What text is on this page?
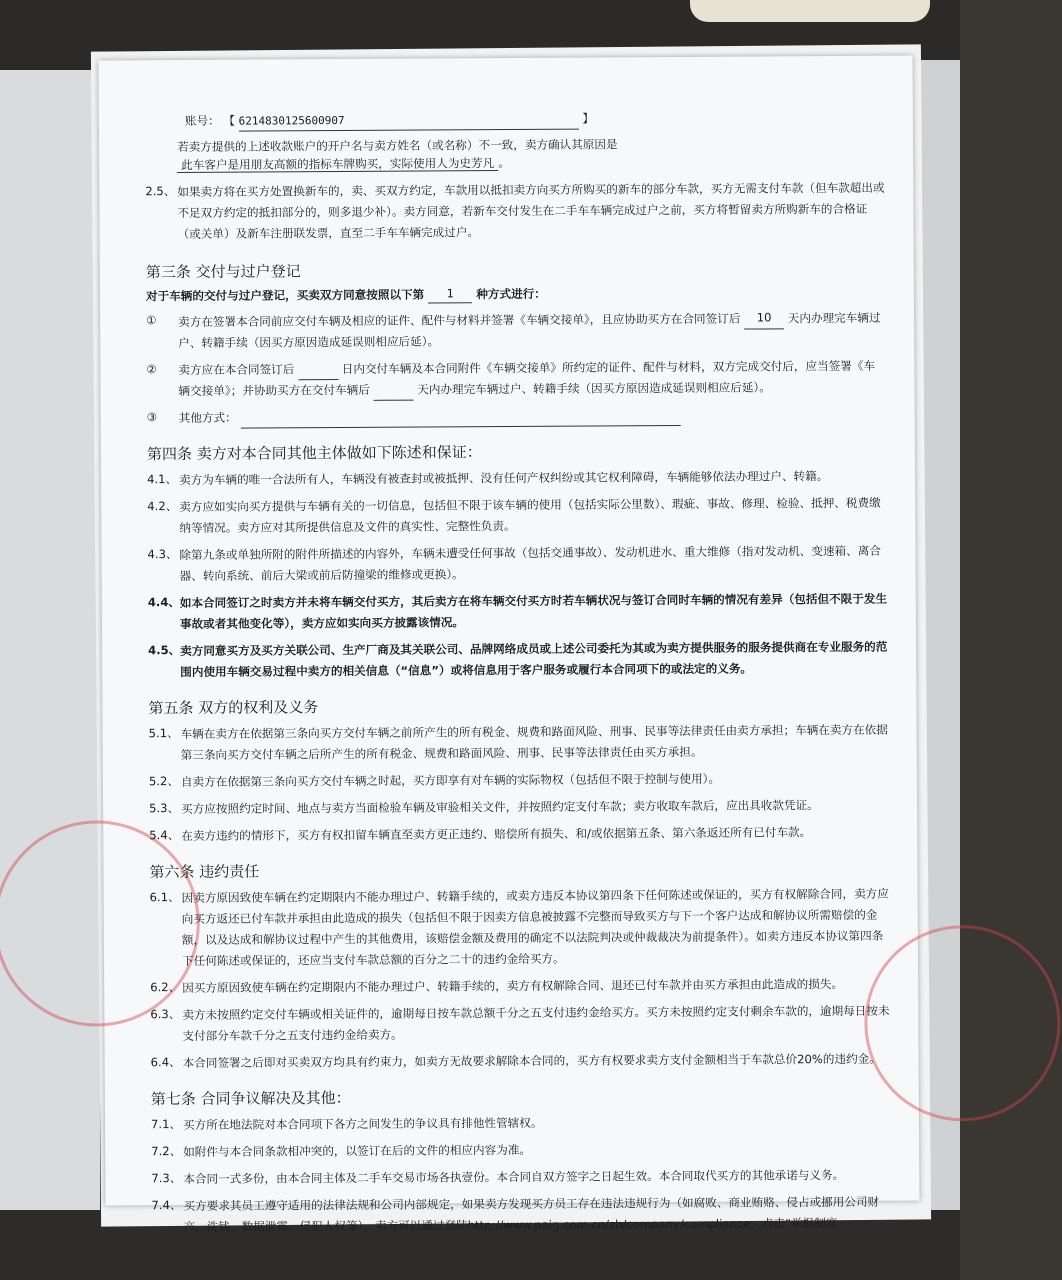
账号： 【 6214830125600907	】
若卖方提供的上述收款账户的开户名与卖方姓名（或名称）不一致，卖方确认其原因是
此车客户是用朋友高额的指标车牌购买，实际使用人为史芳凡 。
2.5、 如果卖方将在买方处置换新车的，卖、买双方约定，车款用以抵扣卖方向买方所购买的新车的部分车款，买方无需支付车款（但车款超出或不足双方约定的抵扣部分的，则多退少补）。卖方同意，若新车交付发生在二手车车辆完成过户之前，买方将暂留卖方所购新车的合格证（或关单）及新车注册联发票，直至二手车车辆完成过户。
第三条 交付与过户登记
对于车辆的交付与过户登记，买卖双方同意按照以下第 1 种方式进行：
①	卖方在签署本合同前应交付车辆及相应的证件、配件与材料并签署《车辆交接单》，且应协助买方在合同签订后 10 天内办理完车辆过户、转籍手续（因买方原因造成延误则相应后延）。
②	卖方应在本合同签订后	日内交付车辆及本合同附件《车辆交接单》所约定的证件、配件与材料，双方完成交付后，应当签署《车辆交接单》；并协助买方在交付车辆后	天内办理完车辆过户、转籍手续（因买方原因造成延误则相应后延）。
③	其他方式：
第四条 卖方对本合同其他主体做如下陈述和保证：
4.1、 卖方为车辆的唯一合法所有人，车辆没有被查封或被抵押、没有任何产权纠纷或其它权利障碍，车辆能够依法办理过户、转籍。
4.2、 卖方应如实向买方提供与车辆有关的一切信息，包括但不限于该车辆的使用（包括实际公里数）、瑕疵、事故、修理、检验、抵押、税费缴纳等情况。卖方应对其所提供信息及文件的真实性、完整性负责。
4.3、 除第九条或单独所附的附件所描述的内容外，车辆未遭受任何事故（包括交通事故）、发动机进水、重大维修（指对发动机、变速箱、离合器、转向系统、前后大梁或前后防撞梁的维修或更换）。
4.4、 如本合同签订之时卖方并未将车辆交付买方，其后卖方在将车辆交付买方时若车辆状况与签订合同时车辆的情况有差异（包括但不限于发生事故或者其他变化等），卖方应如实向买方披露该情况。
4.5、 卖方同意买方及买方关联公司、生产厂商及其关联公司、品牌网络成员或上述公司委托为其或为卖方提供服务的服务提供商在专业服务的范围内使用车辆交易过程中卖方的相关信息（“信息”）或将信息用于客户服务或履行本合同项下的或法定的义务。
第五条 双方的权利及义务
5.1、 车辆在卖方在依据第三条向买方交付车辆之前所产生的所有税金、规费和路面风险、刑事、民事等法律责任由卖方承担；车辆在卖方在依据第三条向买方交付车辆之后所产生的所有税金、规费和路面风险、刑事、民事等法律责任由买方承担。
5.2、 自卖方在依据第三条向买方交付车辆之时起，买方即享有对车辆的实际物权（包括但不限于控制与使用）。
5.3、 买方应按照约定时间、地点与卖方当面检验车辆及审验相关文件，并按照约定支付车款；卖方收取车款后，应出具收款凭证。
5.4、 在卖方违约的情形下，买方有权扣留车辆直至卖方更正违约、赔偿所有损失、和/或依据第五条、第六条返还所有已付车款。
第六条 违约责任
6.1、 因卖方原因致使车辆在约定期限内不能办理过户、转籍手续的，或卖方违反本协议第四条下任何陈述或保证的，买方有权解除合同，卖方应向买方返还已付车款并承担由此造成的损失（包括但不限于因卖方信息被披露不完整而导致买方与下一个客户达成和解协议所需赔偿的金额，以及达成和解协议过程中产生的其他费用，该赔偿金额及费用的确定不以法院判决或仲裁裁决为前提条件）。如卖方违反本协议第四条下任何陈述或保证的，还应当支付车款总额的百分之二十的违约金给买方。
6.2、 因买方原因致使车辆在约定期限内不能办理过户、转籍手续的，卖方有权解除合同、退还已付车款并由买方承担由此造成的损失。
6.3、 卖方未按照约定交付车辆或相关证件的，逾期每日按车款总额千分之五支付违约金给买方。买方未按照约定支付剩余车款的，逾期每日按未支付部分车款千分之五支付违约金给卖方。
6.4、 本合同签署之后即对买卖双方均具有约束力，如卖方无故要求解除本合同的，买方有权要求卖方支付金额相当于车款总价20%的违约金。
第七条 合同争议解决及其他：
7.1、 买方所在地法院对本合同项下各方之间发生的争议具有排他性管辖权。
7.2、 如附件与本合同条款相冲突的，以签订在后的文件的相应内容为准。
7.3、 本合同一式多份，由本合同主体及二手车交易市场各执壹份。本合同自双方签字之日起生效。本合同取代买方的其他承诺与义务。
7.4、 买方要求其员工遵守适用的法律法规和公司内部规定，如果卖方发现买方员工存在违法违规行为（如腐败、商业贿赂、侵占或挪用公司财产、洗钱、数据泄露、侵犯人权等），卖方可以通过登陆http://www.paig.com.cn/zh/company/compliance，点击“举报制度
